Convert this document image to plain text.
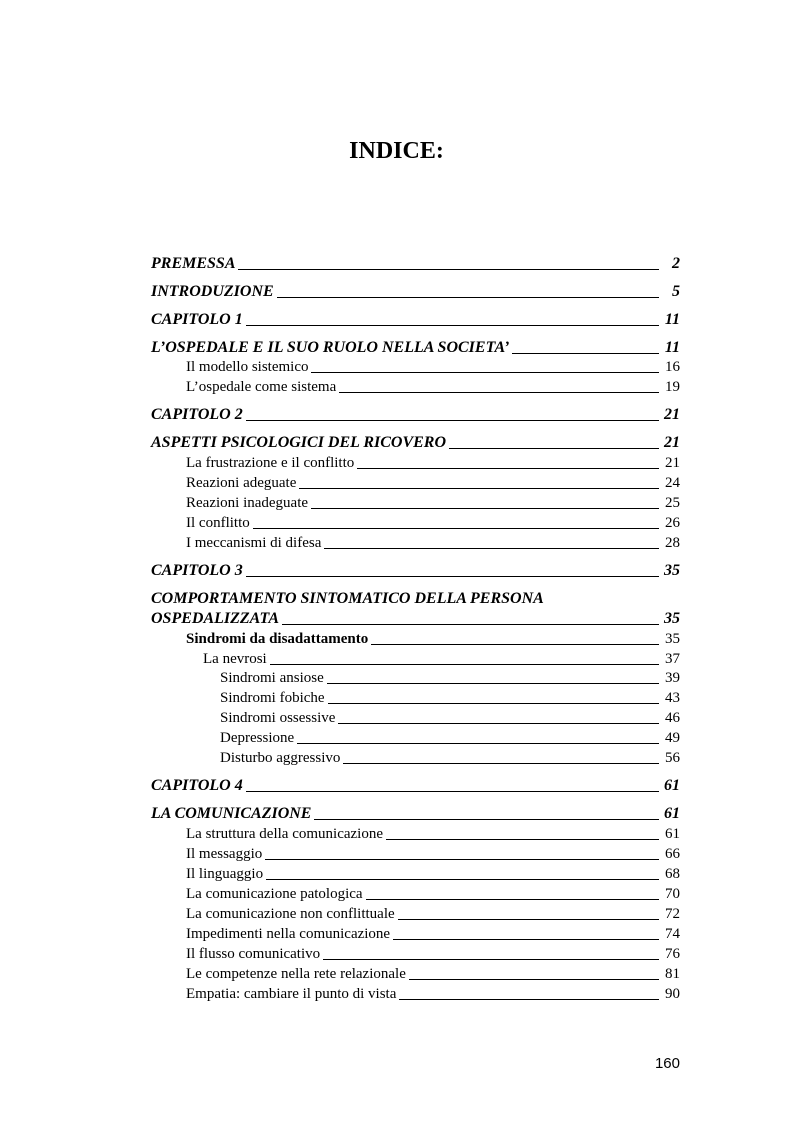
INDICE:
PREMESSA	2
INTRODUZIONE	5
CAPITOLO 1	11
L’OSPEDALE E IL SUO RUOLO NELLA SOCIETA’	11
Il modello sistemico	16
L’ospedale come sistema	19
CAPITOLO 2	21
ASPETTI PSICOLOGICI DEL RICOVERO	21
La frustrazione e il conflitto	21
Reazioni adeguate	24
Reazioni inadeguate	25
Il conflitto	26
I meccanismi di difesa	28
CAPITOLO 3	35
COMPORTAMENTO SINTOMATICO DELLA PERSONA
OSPEDALIZZATA	35
Sindromi da disadattamento	35
La nevrosi	37
Sindromi ansiose	39
Sindromi fobiche	43
Sindromi ossessive	46
Depressione	49
Disturbo aggressivo	56
CAPITOLO 4	61
LA COMUNICAZIONE	61
La struttura della comunicazione	61
Il messaggio	66
Il linguaggio	68
La comunicazione patologica	70
La comunicazione non conflittuale	72
Impedimenti nella comunicazione	74
Il flusso comunicativo	76
Le competenze nella rete relazionale	81
Empatia: cambiare il punto di vista	90
160
